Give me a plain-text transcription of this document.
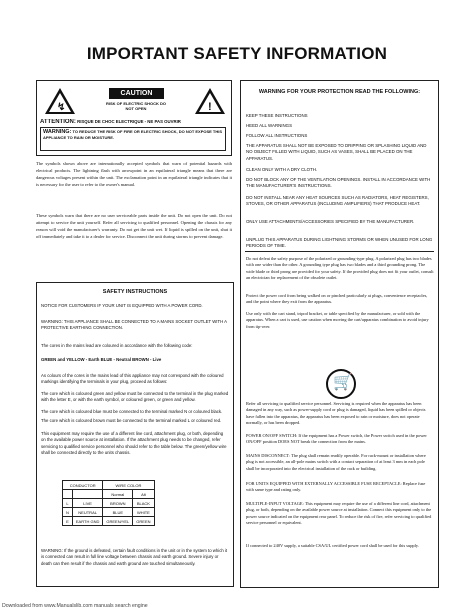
IMPORTANT SAFETY INFORMATION
↯
CAUTION
RISK OF ELECTRIC SHOCK DO NOT OPEN	!
ATTENTION: RISQUE DE CHOC ELECTRIQUE - NE PAS OUVRIR
WARNING: TO REDUCE THE RISK OF FIRE OR ELECTRIC SHOCK, DO NOT EXPOSE THIS APPLIANCE TO RAIN OR MOISTURE.
The symbols shown above are internationally accepted symbols that warn of potential hazards with electrical products. The lightning flash with arrowpoint in an equilateral triangle means that there are dangerous voltages present within the unit. The exclamation point in an equilateral triangle indicates that it is necessary for the user to refer to the owner's manual.
These symbols warn that there are no user serviceable parts inside the unit. Do not open the unit. Do not attempt to service the unit yourself. Refer all servicing to qualified personnel. Opening the chassis for any reason will void the manufacturer's warranty. Do not get the unit wet. If liquid is spilled on the unit, shut it off immediately and take it to a dealer for service. Disconnect the unit during storms to prevent damage.
SAFETY INSTRUCTIONS
NOTICE FOR CUSTOMERS IF YOUR UNIT IS EQUIPPED WITH A POWER CORD.
WARNING: THIS APPLIANCE SHALL BE CONNECTED TO A MAINS SOCKET OUTLET WITH A PROTECTIVE EARTHING CONNECTION.
The cores in the mains lead are coloured in accordance with the following code:
GREEN and YELLOW - Earth BLUE - Neutral BROWN - Live
As colours of the cores in the mains lead of this appliance may not correspond with the coloured markings identifying the terminals in your plug, proceed as follows:
The core which is coloured green and yellow must be connected to the terminal in the plug marked with the letter E, or with the earth symbol, or coloured green, or green and yellow.
The core which is coloured blue must be connected to the terminal marked N or coloured black.
The core which is coloured brown must be connected to the terminal marked L or coloured red.
This equipment may require the use of a different line cord, attachment plug, or both, depending on the available power source at installation. If the attachment plug needs to be changed, refer servicing to qualified service personnel who should refer to the table below. The green/yellow wire shall be connected directly to the units chassis.
WARNING: If the ground is defeated, certain fault conditions in the unit or in the system to which it is connected can result in full line voltage between chassis and earth ground. Severe injury or death can then result if the chassis and earth ground are touched simultaneously.
CONDUCTOR		WIRE COLOR	
		Normal	Alt
L	LIVE	BROWN	BLACK
N	NEUTRAL	BLUE	WHITE
E	EARTH GND	GREEN/YEL	GREEN
WARNING FOR YOUR PROTECTION READ THE FOLLOWING:
KEEP THESE INSTRUCTIONS
HEED ALL WARNINGS
FOLLOW ALL INSTRUCTIONS
THE APPARATUS SHALL NOT BE EXPOSED TO DRIPPING OR SPLASHING LIQUID AND NO OBJECT FILLED WITH LIQUID, SUCH AS VASES, SHALL BE PLACED ON THE APPARATUS.
CLEAN ONLY WITH A DRY CLOTH.
DO NOT BLOCK ANY OF THE VENTILATION OPENINGS. INSTALL IN ACCORDANCE WITH THE MANUFACTURER'S INSTRUCTIONS.
DO NOT INSTALL NEAR ANY HEAT SOURCES SUCH AS RADIATORS, HEAT REGISTERS, STOVES, OR OTHER APPARATUS (INCLUDING AMPLIFIERS) THAT PRODUCE HEAT.
ONLY USE ATTACHMENTS/ACCESSORIES SPECIFIED BY THE MANUFACTURER.
UNPLUG THIS APPARATUS DURING LIGHTNING STORMS OR WHEN UNUSED FOR LONG PERIODS OF TIME.
Do not defeat the safety purpose of the polarized or grounding-type plug. A polarized plug has two blades with one wider than the other. A grounding type plug has two blades and a third grounding prong. The wide blade or third prong are provided for your safety. If the provided plug does not fit your outlet, consult an electrician for replacement of the obsolete outlet.
Protect the power cord from being walked on or pinched particularly at plugs, convenience receptacles, and the point where they exit from the apparatus.
Use only with the cart stand, tripod bracket, or table specified by the manufacturer, or sold with the apparatus. When a cart is used, use caution when moving the cart/apparatus combination to avoid injury from tip-over.
Refer all servicing to qualified service personnel. Servicing is required when the apparatus has been damaged in any way, such as power-supply cord or plug is damaged, liquid has been spilled or objects have fallen into the apparatus, the apparatus has been exposed to rain or moisture, does not operate normally, or has been dropped.
POWER ON/OFF SWITCH: If the equipment has a Power switch, the Power switch used in the power ON/OFF position DOES NOT break the connection from the mains.
MAINS DISCONNECT: The plug shall remain readily operable. For rack-mount or installation where plug is not accessible, an all-pole mains switch with a contact separation of at least 3 mm in each pole shall be incorporated into the electrical installation of the rack or building.
FOR UNITS EQUIPPED WITH EXTERNALLY ACCESSIBLE FUSE RECEPTACLE: Replace fuse with same type and rating only.
MULTIPLE-INPUT VOLTAGE: This equipment may require the use of a different line cord, attachment plug, or both, depending on the available power source at installation. Connect this equipment only to the power source indicated on the equipment rear panel. To reduce the risk of fire, refer servicing to qualified service personnel or equivalent.
If connected to 240V supply, a suitable CSA/UL certified power cord shall be used for this supply.
🛒
Downloaded from www.Manualslib.com manuals search engine
